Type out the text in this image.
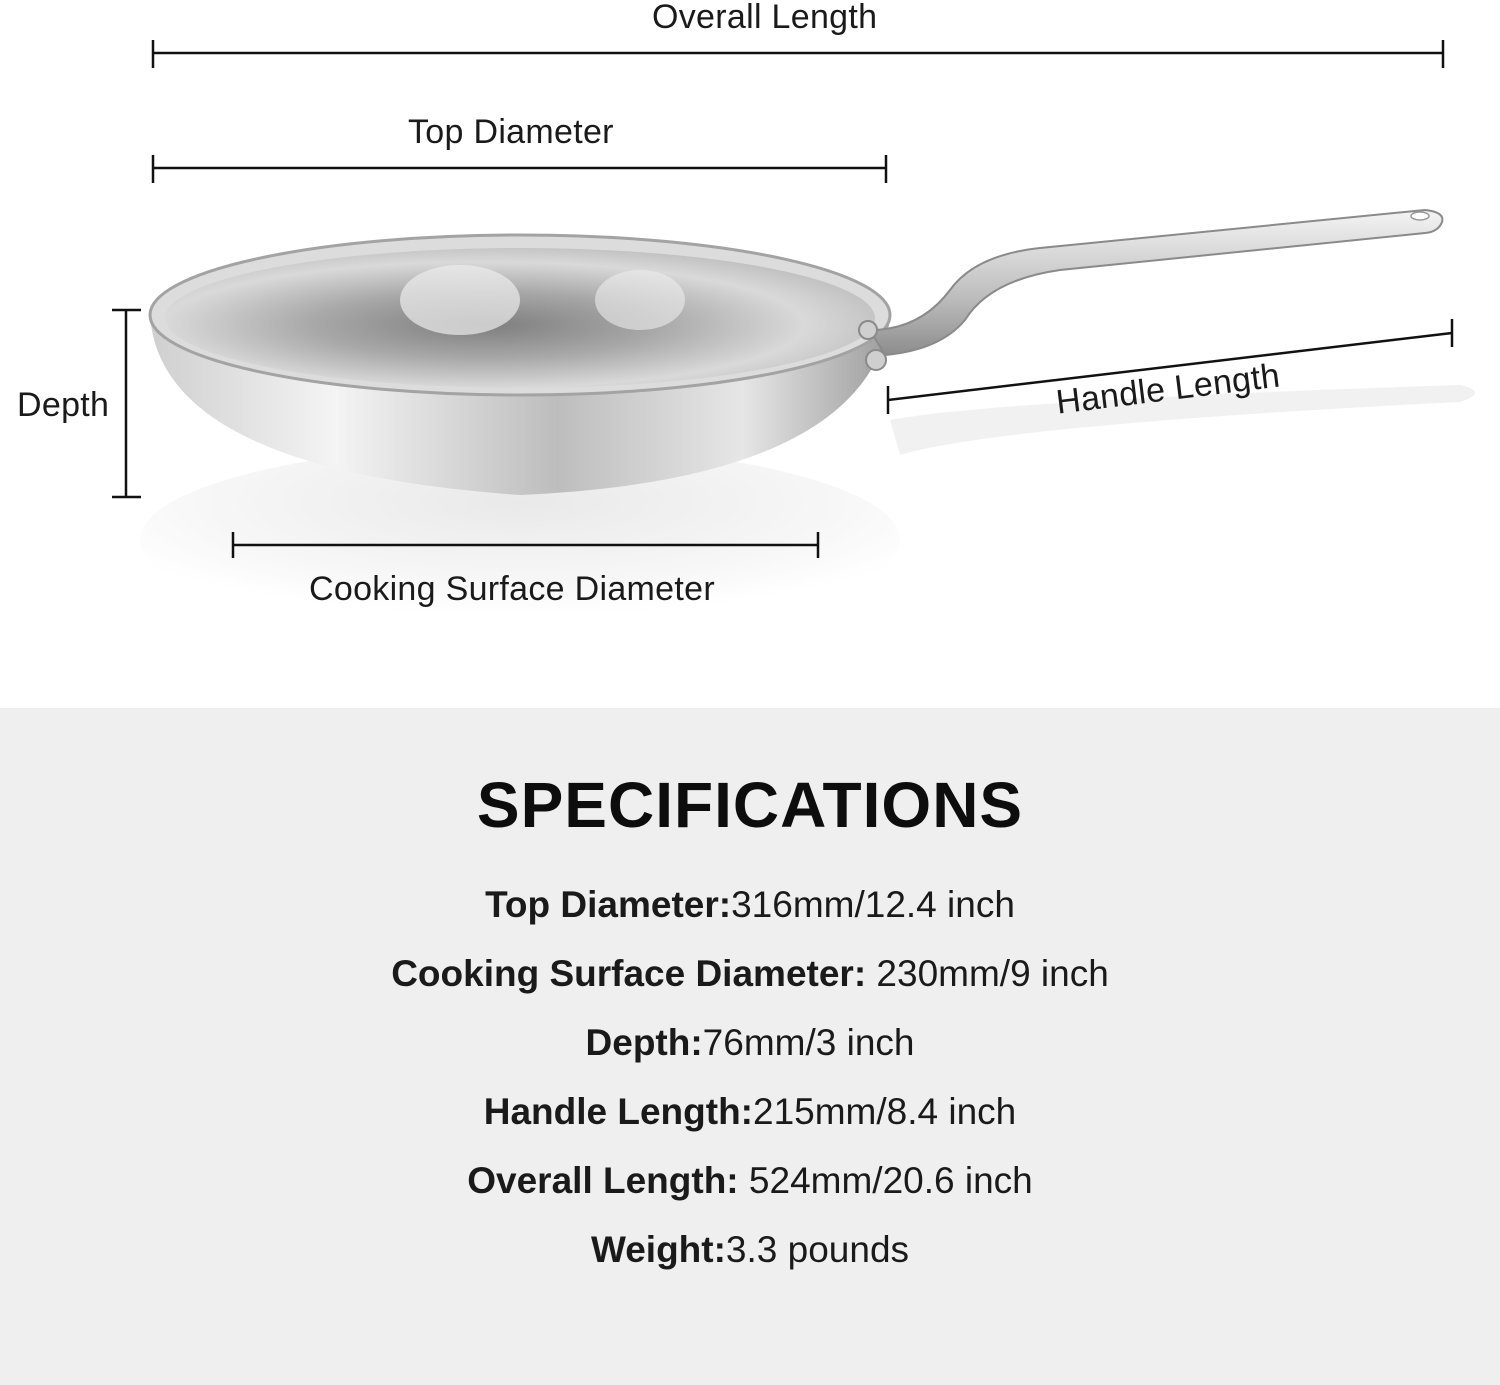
Overall Length
Top Diameter
Depth	Handle Length
Cooking Surface Diameter
SPECIFICATIONS
Top Diameter:316mm/12.4 inch
Cooking Surface Diameter: 230mm/9 inch
Depth:76mm/3 inch
Handle Length:215mm/8.4 inch
Overall Length: 524mm/20.6 inch
Weight:3.3 pounds
